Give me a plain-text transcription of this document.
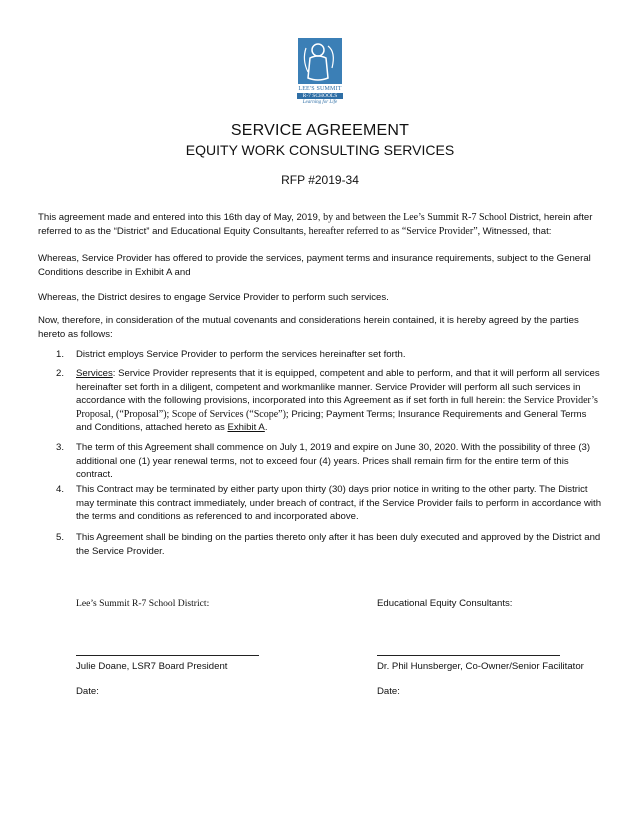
LEE'S SUMMIT
R-7 SCHOOLS
Learning for Life
SERVICE AGREEMENT
EQUITY WORK CONSULTING SERVICES
RFP #2019-34
This agreement made and entered into this 16th day of May, 2019, by and between the Lee’s Summit R-7 School District, herein after referred to as the “District” and Educational Equity Consultants, hereafter referred to as “Service Provider”, Witnessed, that:
Whereas, Service Provider has offered to provide the services, payment terms and insurance requirements, subject to the General Conditions describe in Exhibit A and
Whereas, the District desires to engage Service Provider to perform such services.
Now, therefore, in consideration of the mutual covenants and considerations herein contained, it is hereby agreed by the parties hereto as follows:
1. District employs Service Provider to perform the services hereinafter set forth.
2. Services: Service Provider represents that it is equipped, competent and able to perform, and that it will perform all services hereinafter set forth in a diligent, competent and workmanlike manner. Service Provider will perform all such services in accordance with the following provisions, incorporated into this Agreement as if set forth in full herein: the Service Provider’s Proposal, (“Proposal”); Scope of Services (“Scope”); Pricing; Payment Terms; Insurance Requirements and General Terms and Conditions, attached hereto as Exhibit A.
3. The term of this Agreement shall commence on July 1, 2019 and expire on June 30, 2020. With the possibility of three (3) additional one (1) year renewal terms, not to exceed four (4) years. Prices shall remain firm for the entire term of this contract.
4. This Contract may be terminated by either party upon thirty (30) days prior notice in writing to the other party. The District may terminate this contract immediately, under breach of contract, if the Service Provider fails to perform in accordance with the terms and conditions as referenced to and incorporated above.
5. This Agreement shall be binding on the parties thereto only after it has been duly executed and approved by the District and the Service Provider.
Lee’s Summit R-7 School District:	Educational Equity Consultants:
Julie Doane, LSR7 Board President	Dr. Phil Hunsberger, Co-Owner/Senior Facilitator
Date:	Date:
